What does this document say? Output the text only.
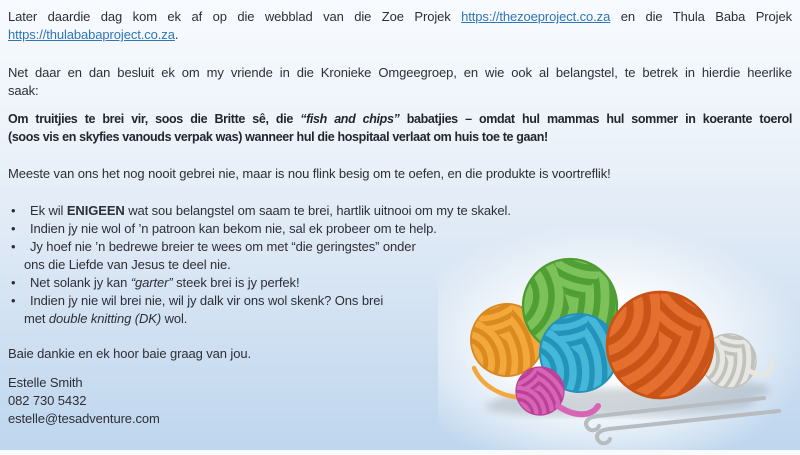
Later daardie dag kom ek af op die webblad van die Zoe Projek https://thezoeproject.co.za en die Thula Baba Projek

https://thulababaproject.co.za.

Net daar en dan besluit ek om my vriende in die Kronieke Omgeegroep, en wie ook al belangstel, te betrek in hierdie heerlike

saak:

Om truitjies te brei vir, soos die Britte sê, die “fish and chips” babatjies – omdat hul mammas hul sommer in koerante toerol

(soos vis en skyfies vanouds verpak was) wanneer hul die hospitaal verlaat om huis toe te gaan!

Meeste van ons het nog nooit gebrei nie, maar is nou flink besig om te oefen, en die produkte is voortreflik!

• Ek wil ENIGEEN wat sou belangstel om saam te brei, hartlik uitnooi om my te skakel.
• Indien jy nie wol of ’n patroon kan bekom nie, sal ek probeer om te help.
• Jy hoef nie ’n bedrewe breier te wees om met “die geringstes” onder
ons die Liefde van Jesus te deel nie.
• Net solank jy kan “garter” steek brei is jy perfek!
• Indien jy nie wil brei nie, wil jy dalk vir ons wol skenk? Ons brei
met double knitting (DK) wol.

Baie dankie en ek hoor baie graag van jou.

Estelle Smith

082 730 5432

estelle@tesadventure.com
